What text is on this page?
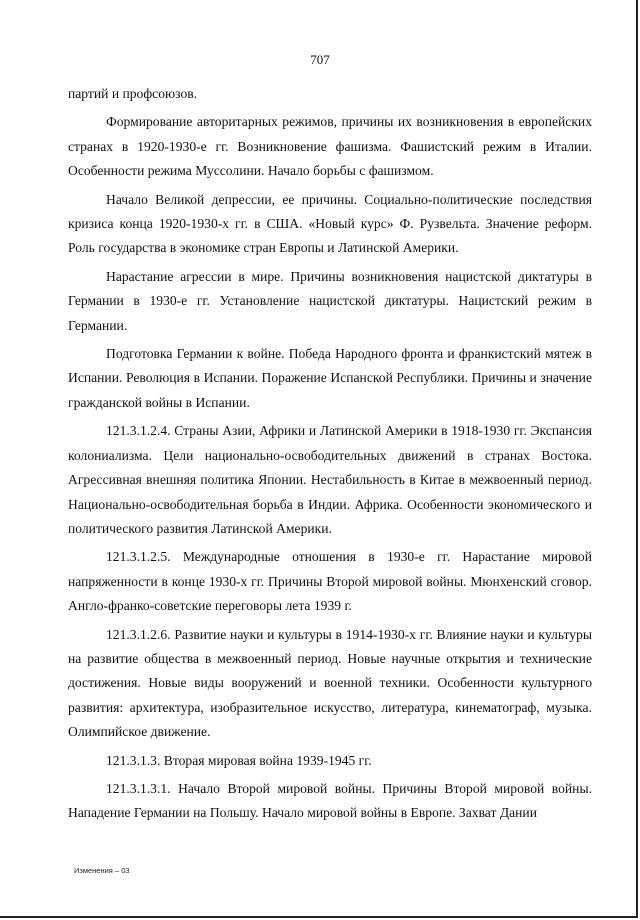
707

партий и профсоюзов.

Формирование авторитарных режимов, причины их возникновения в европейских странах в 1920-1930-е гг. Возникновение фашизма. Фашистский режим в Италии. Особенности режима Муссолини. Начало борьбы с фашизмом.

Начало Великой депрессии, ее причины. Социально-политические последствия кризиса конца 1920-1930-х гг. в США. «Новый курс» Ф. Рузвельта. Значение реформ. Роль государства в экономике стран Европы и Латинской Америки.

Нарастание агрессии в мире. Причины возникновения нацистской диктатуры в Германии в 1930-е гг. Установление нацистской диктатуры. Нацистский режим в Германии.

Подготовка Германии к войне. Победа Народного фронта и франкистский мятеж в Испании. Революция в Испании. Поражение Испанской Республики. Причины и значение гражданской войны в Испании.

121.3.1.2.4. Страны Азии, Африки и Латинской Америки в 1918-1930 гг. Экспансия колониализма. Цели национально-освободительных движений в странах Востока. Агрессивная внешняя политика Японии. Нестабильность в Китае в межвоенный период. Национально-освободительная борьба в Индии. Африка. Особенности экономического и политического развития Латинской Америки.

121.3.1.2.5. Международные отношения в 1930-е гг. Нарастание мировой напряженности в конце 1930-х гг. Причины Второй мировой войны. Мюнхенский сговор. Англо-франко-советские переговоры лета 1939 г.

121.3.1.2.6. Развитие науки и культуры в 1914-1930-х гг. Влияние науки и культуры на развитие общества в межвоенный период. Новые научные открытия и технические достижения. Новые виды вооружений и военной техники. Особенности культурного развития: архитектура, изобразительное искусство, литература, кинематограф, музыка. Олимпийское движение.

121.3.1.3. Вторая мировая война 1939-1945 гг.

121.3.1.3.1. Начало Второй мировой войны. Причины Второй мировой войны. Нападение Германии на Польшу. Начало мировой войны в Европе. Захват Дании

Изменения – 03
